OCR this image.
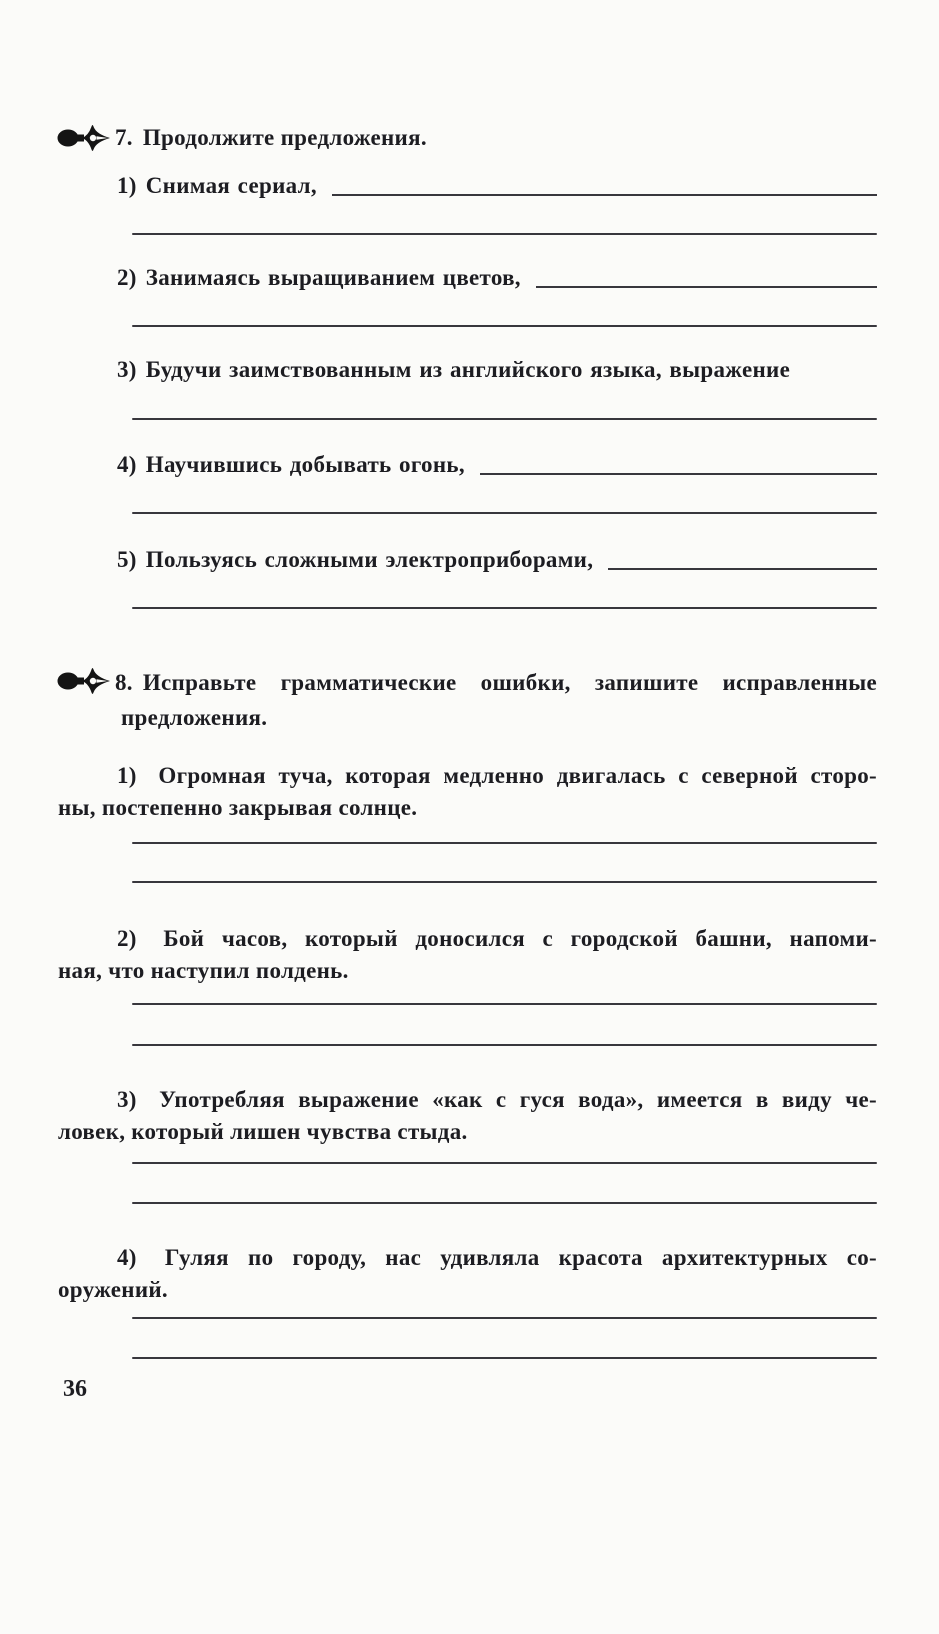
7. Продолжите предложения.
1) Снимая сериал,
2) Занимаясь выращиванием цветов,
3) Будучи заимствованным из английского языка, выражение
4) Научившись добывать огонь,
5) Пользуясь сложными электроприборами,
8. Исправьте грамматические ошибки, запишите исправленные
предложения.
1) Огромная туча, которая медленно двигалась с северной сторо-
ны, постепенно закрывая солнце.
2) Бой часов, который доносился с городской башни, напоми-
ная, что наступил полдень.
3) Употребляя выражение «как с гуся вода», имеется в виду че-
ловек, который лишен чувства стыда.
4) Гуляя по городу, нас удивляла красота архитектурных со-
оружений.
36
